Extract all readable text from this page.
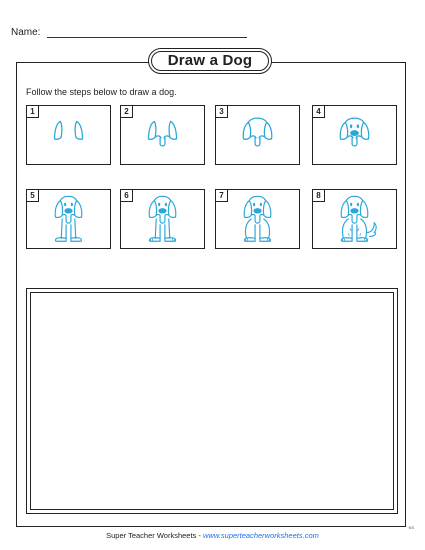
Name:
Draw a Dog
Follow the steps below to draw a dog.
1	2	3	4
5	6	7	8
Super Teacher Worksheets - www.superteacherworksheets.com
KS
